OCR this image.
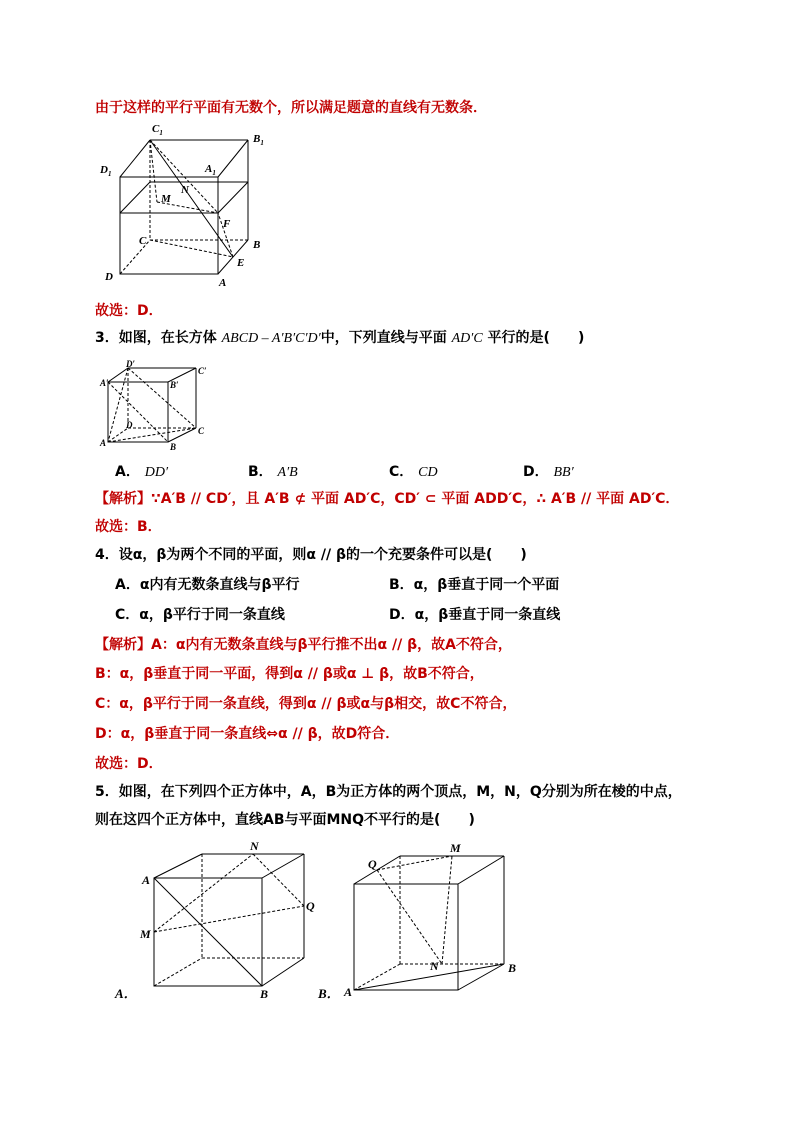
由于这样的平行平面有无数个，所以满足题意的直线有无数条．
$C_1$	$B_1$
$D_1$	$A_1$
N
M
F
C	B
E
D	A
故选：D．
3．如图，在长方体 ABCD – A′B′C′D′中，下列直线与平面 AD′C 平行的是(　　)
D′
C′
A′	B′
D
C
A	B
A． DD′	B． A′B	C． CD	D． BB′
【解析】∵A′B // CD′，且 A′B ⊄ 平面 AD′C，CD′ ⊂ 平面 ADD′C，∴ A′B // 平面 AD′C．
故选：B．
4．设α，β为两个不同的平面，则α // β的一个充要条件可以是(　　)
A．α内有无数条直线与β平行	B．α，β垂直于同一个平面
C．α，β平行于同一条直线	D．α，β垂直于同一条直线
【解析】A：α内有无数条直线与β平行推不出α // β，故A不符合，
B：α，β垂直于同一平面，得到α // β或α ⊥ β，故B不符合，
C：α，β平行于同一条直线，得到α // β或α与β相交，故C不符合，
D：α，β垂直于同一条直线⇔α // β，故D符合．
故选：D．
5．如图，在下列四个正方体中，A，B为正方体的两个顶点，M，N，Q分别为所在棱的中点，
则在这四个正方体中，直线AB与平面MNQ不平行的是(　　)
N
A
Q
M
B
A．
M
Q
N	B
A
B．
